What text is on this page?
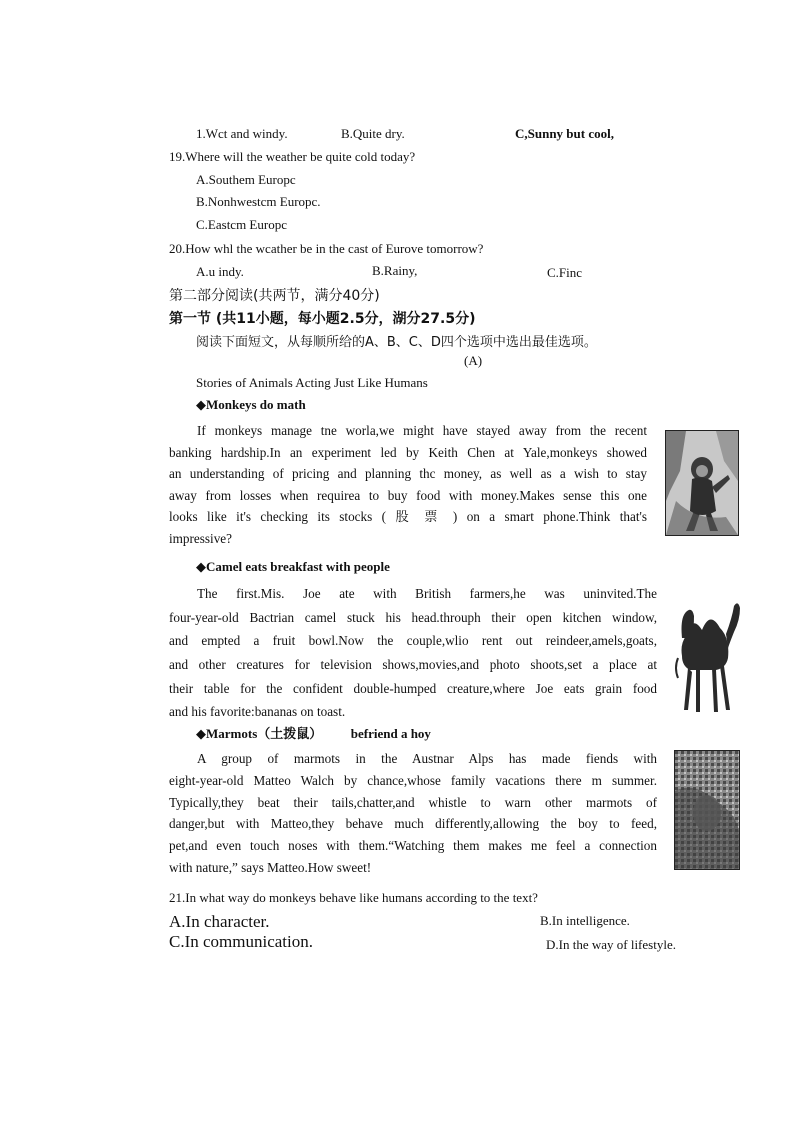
1.Wct and windy.	B.Quite dry.	C,Sunny but cool,
19.Where will the weather be quite cold today?
A.Southem Europc
B.Nonhwestcm Europc.
C.Eastcm Europc
20.How whl the wcather be in the cast of Eurove tomorrow?
A.u indy.	B.Rainy,	C.Finc
第二部分阅读(共两节，满分40分)
第一节 (共11小题，每小题2.5分，湖分27.5分)
阅读下面短文，从每顺所给的A、B、C、D四个选项中选出最佳选项。
(A)
Stories of Animals Acting Just Like Humans
◆Monkeys do math
If monkeys manage tne worla,we might have stayed away from the recent
banking hardship.In an experiment led by Keith Chen at Yale,monkeys showed
an understanding of pricing and planning thc money, as well as a wish to stay
away from losses when requirea to buy food with money.Makes sense this one
looks like it's checking its stocks ( 股 票 ) on a smart phone.Think that's
impressive?
◆Camel eats breakfast with people
The first.Mis. Joe ate with British farmers,he was uninvited.The
four-year-old Bactrian camel stuck his head.throuph their open kitchen window,
and empted a fruit bowl.Now the couple,wlio rent out reindeer,amels,goats,
and other creatures for television shows,movies,and photo shoots,set a place at
their table for the confident double-humped creature,where Joe eats grain food
and his favorite:bananas on toast.
◆Marmots（土拨鼠） befriend a hoy
A group of marmots in the Austnar Alps has made fiends with
eight-year-old Matteo Walch by chance,whose family vacations there m summer.
Typically,they beat their tails,chatter,and whistle to warn other marmots of
danger,but with Matteo,they behave much differently,allowing the boy to feed,
pet,and even touch noses with them.“Watching them makes me feel a connection
with nature,” says Matteo.How sweet!
21.In what way do monkeys behave like humans according to the text?
A.In character.	B.In intelligence.
C.In communication.	D.In the way of lifestyle.
